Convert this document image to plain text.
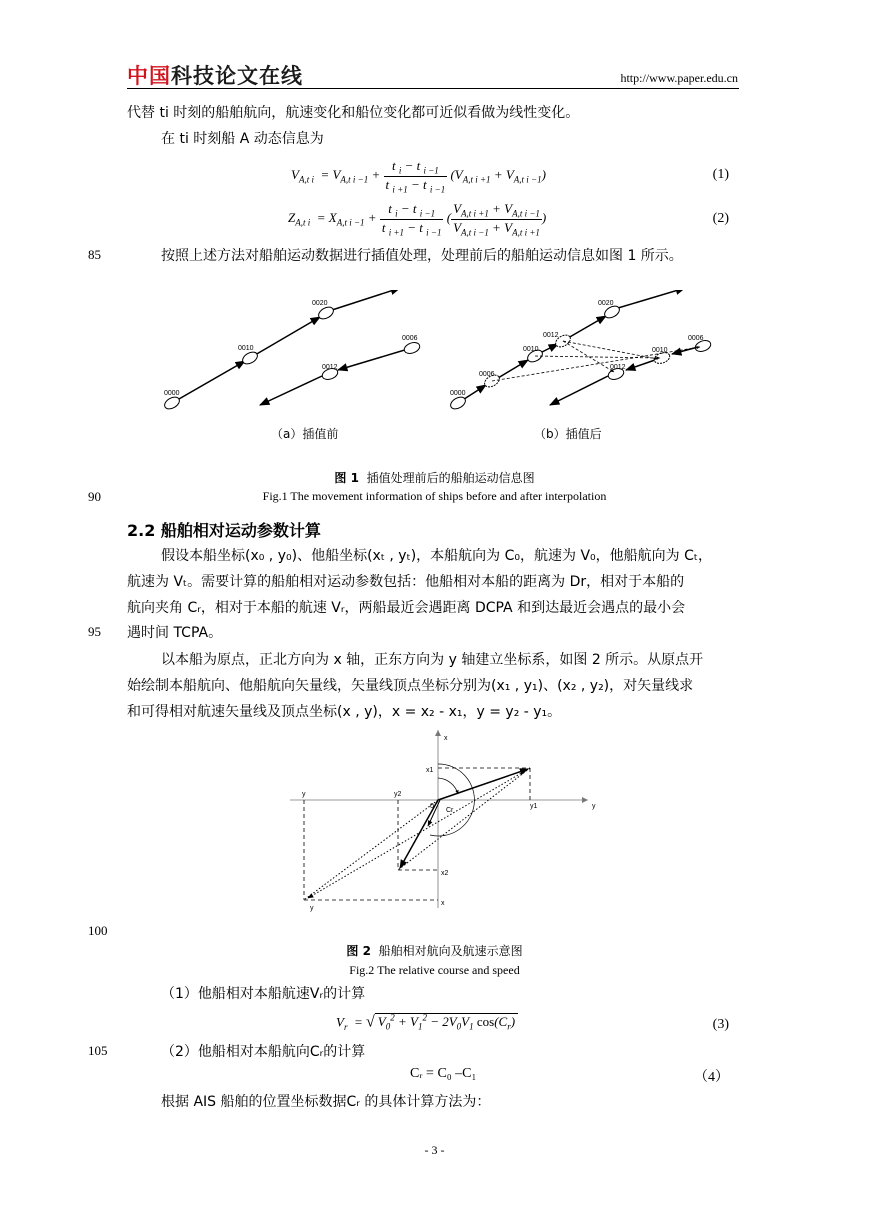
中国科技论文在线	http://www.paper.edu.cn
代替 ti 时刻的船舶航向，航速变化和船位变化都可近似看做为线性变化。
在 ti 时刻船 A 动态信息为
$V_{A,t i} = V_{A,t i -1} + \frac{t _i - t _{i -1}}{t _{i +1} - t _{i -1}} (V_{A,t i +1} + V_{A,t i -1})$	(1)
$Z_{A,t i} = X_{A,t i -1} + \frac{t _i - t _{i -1}}{t _{i +1} - t _{i -1}}$ ( $\frac{V_{A,t i +1} + V_{A,t i -1}}{V_{A,t i -1} + V_{A,t i +1}}$ )	(2)
85	按照上述方法对船舶运动数据进行插值处理，处理前后的船舶运动信息如图 1 所示。
0000
0010
0020
0006
0012
0000
0006
0010
0012
0020
0006
0010
0012
（a）插值前	（b）插值后
图 1 插值处理前后的船舶运动信息图
90	Fig.1 The movement information of ships before and after interpolation
2.2 船舶相对运动参数计算
假设本船坐标(x₀ , y₀)、他船坐标(xₜ , yₜ)，本船航向为 C₀，航速为 V₀，他船航向为 Cₜ，
航速为 Vₜ。需要计算的船舶相对运动参数包括：他船相对本船的距离为 Dr，相对于本船的
航向夹角 Cᵣ，相对于本船的航速 Vᵣ，两船最近会遇距离 DCPA 和到达最近会遇点的最小会
95 遇时间 TCPA。
以本船为原点，正北方向为 x 轴，正东方向为 y 轴建立坐标系，如图 2 所示。从原点开
始绘制本船航向、他船航向矢量线，矢量线顶点坐标分别为(x₁ , y₁)、(x₂ , y₂)，对矢量线求
和可得相对航速矢量线及顶点坐标(x , y)，x = x₂ - x₁，y = y₂ - y₁。
x
y
0
x1
x2
y1
y2
y
x
Cr
y
100
图 2 船舶相对航向及航速示意图
Fig.2 The relative course and speed
（1）他船相对本船航速Vᵣ的计算
$V_r$  = √ $V_0^2 + V_1^2 - 2V_0V_1$ $\cos(C_r)$	(3)
105	（2）他船相对本船航向Cᵣ的计算
Cᵣ = C₀ –C₁	（4）
根据 AIS 船舶的位置坐标数据Cᵣ 的具体计算方法为：
- 3 -
